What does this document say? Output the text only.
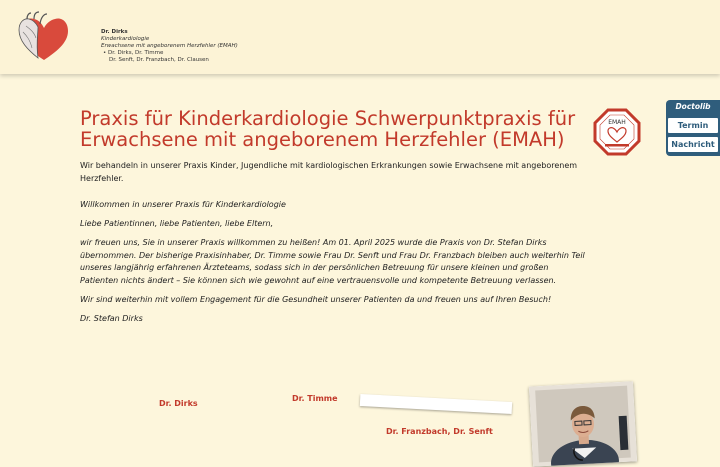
Dr. Dirks
Kinderkardiologie
Erwachsene mit angeborenem Herzfehler (EMAH)
• Dr. Dirks, Dr. Timme
Dr. Senft, Dr. Franzbach, Dr. Clausen
Praxis für Kinderkardiologie Schwerpunktpraxis für Erwachsene mit angeborenem Herzfehler (EMAH)

Wir behandeln in unserer Praxis Kinder, Jugendliche mit kardiologischen Erkrankungen sowie Erwachsene mit angeborenem Herzfehler.

Willkommen in unserer Praxis für Kinderkardiologie

Liebe Patientinnen, liebe Patienten, liebe Eltern,

wir freuen uns, Sie in unserer Praxis willkommen zu heißen! Am 01. April 2025 wurde die Praxis von Dr. Stefan Dirks übernommen. Der bisherige Praxisinhaber, Dr. Timme sowie Frau Dr. Senft und Frau Dr. Franzbach bleiben auch weiterhin Teil unseres langjährig erfahrenen Ärzteteams, sodass sich in der persönlichen Betreuung für unsere kleinen und großen Patienten nichts ändert – Sie können sich wie gewohnt auf eine vertrauensvolle und kompetente Betreuung verlassen.

Wir sind weiterhin mit vollem Engagement für die Gesundheit unserer Patienten da und freuen uns auf Ihren Besuch!

Dr. Stefan Dirks

EMAH
Doctolib
Termin
Nachricht
Dr. Dirks
Dr. Timme
Dr. Franzbach, Dr. Senft
